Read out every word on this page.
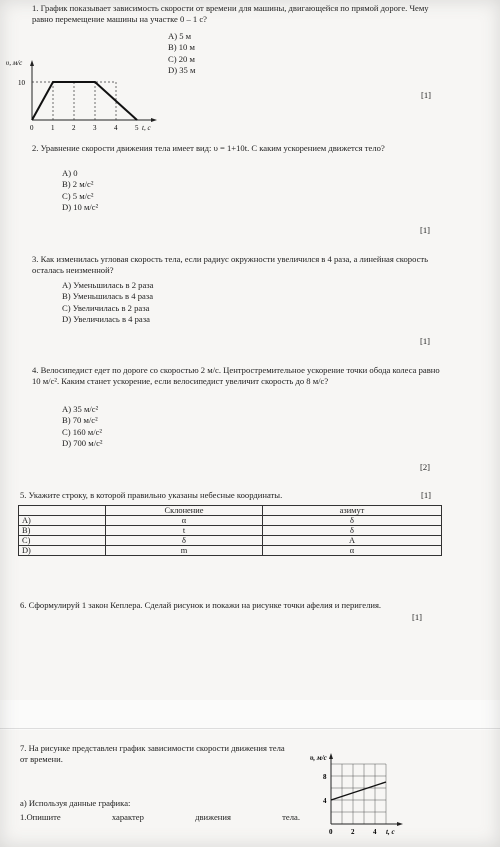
1. График показывает зависимость скорости от времени для машины, двигающейся по прямой дороге. Чему равно перемещение машины на участке 0 – 1 с?
A) 5 м
B) 10 м
C) 20 м
D) 35 м
[1]
υ, м/с
10
0	1	2	3	4	5 t, с
2. Уравнение скорости движения тела имеет вид: υ = 1+10t. С каким ускорением движется тело?
A) 0
B) 2 м/с²
C) 5 м/с²
D) 10 м/с²
[1]
3. Как изменилась угловая скорость тела, если радиус окружности увеличился в 4 раза, а линейная скорость осталась неизменной?
A) Уменьшилась в 2 раза
B) Уменьшилась в 4 раза
C) Увеличилась в 2 раза
D) Увеличилась в 4 раза
[1]
4. Велосипедист едет по дороге со скоростью 2 м/с. Центростремительное ускорение точки обода колеса равно 10 м/с². Каким станет ускорение, если велосипедист увеличит скорость до 8 м/с?
A) 35 м/с²
B) 70 м/с²
C) 160 м/с²
D) 700 м/с²
[2]
5. Укажите строку, в которой правильно указаны небесные координаты.	[1]
	Склонение	азимут
A)	α	δ
B)	t	δ
C)	δ	A
D)	m	α
6. Сформулируй 1 закон Кеплера. Сделай рисунок и покажи на рисунке точки афелия и перигелия.
[1]
7. На рисунке представлен график зависимости скорости движения тела от времени.
а) Используя данные графика:
1.Опишите	характер	движения	тела.
υ, м/с
8
4
0	2	4 t, с
